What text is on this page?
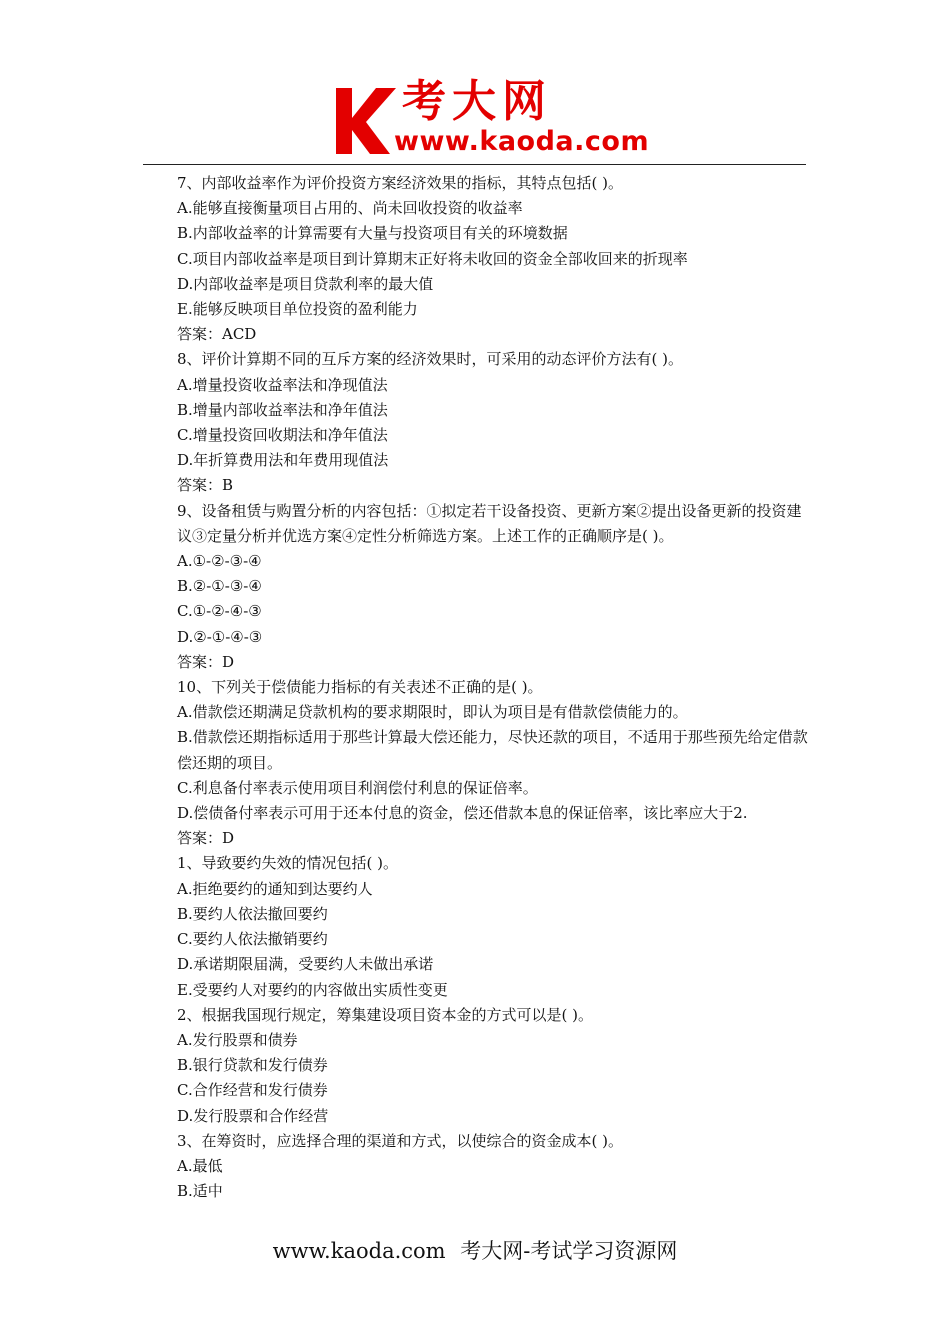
考大网
www.kaoda.com
7、内部收益率作为评价投资方案经济效果的指标，其特点包括( )。
A.能够直接衡量项目占用的、尚未回收投资的收益率
B.内部收益率的计算需要有大量与投资项目有关的环境数据
C.项目内部收益率是项目到计算期末正好将未收回的资金全部收回来的折现率
D.内部收益率是项目贷款利率的最大值
E.能够反映项目单位投资的盈利能力
答案：ACD
8、评价计算期不同的互斥方案的经济效果时，可采用的动态评价方法有( )。
A.增量投资收益率法和净现值法
B.增量内部收益率法和净年值法
C.增量投资回收期法和净年值法
D.年折算费用法和年费用现值法
答案：B
9、设备租赁与购置分析的内容包括：①拟定若干设备投资、更新方案②提出设备更新的投资建议③定量分析并优选方案④定性分析筛选方案。上述工作的正确顺序是( )。
A.①-②-③-④
B.②-①-③-④
C.①-②-④-③
D.②-①-④-③
答案：D
10、下列关于偿债能力指标的有关表述不正确的是( )。
A.借款偿还期满足贷款机构的要求期限时，即认为项目是有借款偿债能力的。
B.借款偿还期指标适用于那些计算最大偿还能力，尽快还款的项目，不适用于那些预先给定借款偿还期的项目。
C.利息备付率表示使用项目利润偿付利息的保证倍率。
D.偿债备付率表示可用于还本付息的资金，偿还借款本息的保证倍率，该比率应大于2.
答案：D
1、导致要约失效的情况包括( )。
A.拒绝要约的通知到达要约人
B.要约人依法撤回要约
C.要约人依法撤销要约
D.承诺期限届满，受要约人未做出承诺
E.受要约人对要约的内容做出实质性变更
2、根据我国现行规定，筹集建设项目资本金的方式可以是( )。
A.发行股票和债券
B.银行贷款和发行债券
C.合作经营和发行债券
D.发行股票和合作经营
3、在筹资时，应选择合理的渠道和方式，以使综合的资金成本( )。
A.最低
B.适中
www.kaoda.com 考大网-考试学习资源网
